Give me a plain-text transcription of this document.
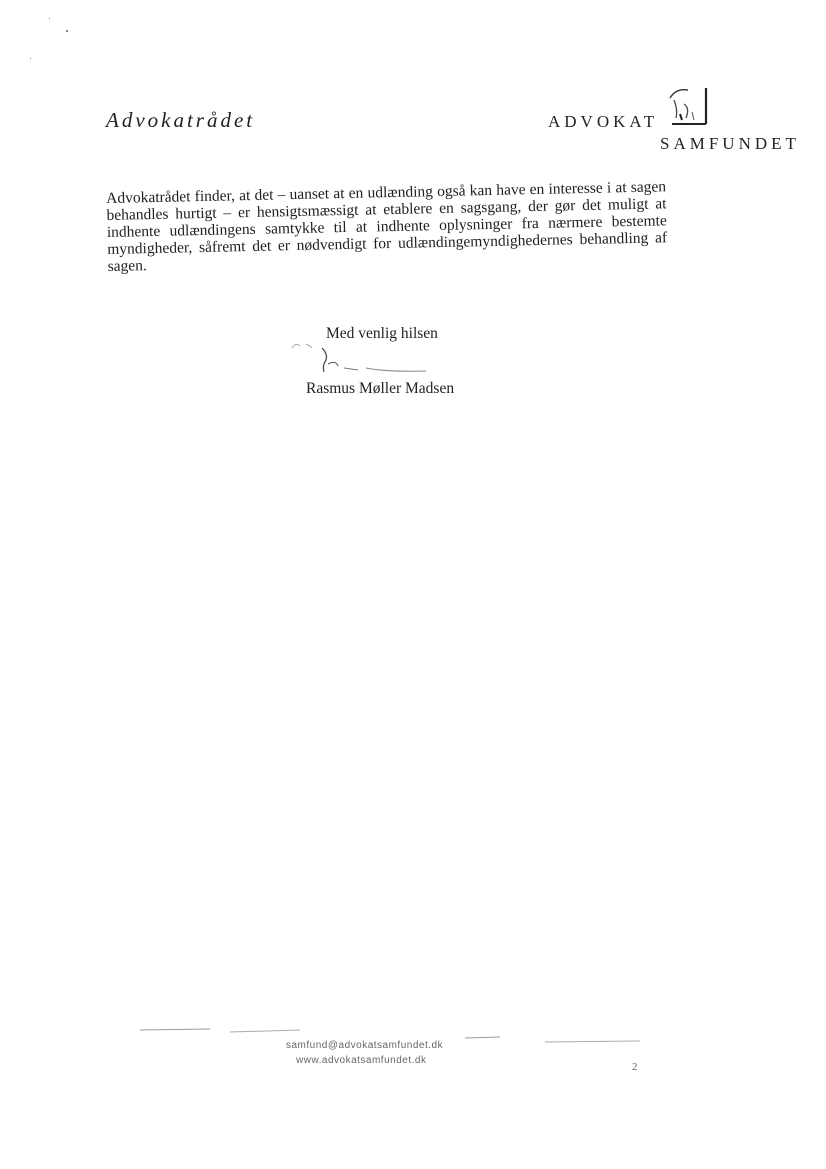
Advokatrådet	ADVOKAT
SAMFUNDET
Advokatrådet finder, at det – uanset at en udlænding også kan have en interesse i at sagen behandles hurtigt – er hensigtsmæssigt at etablere en sagsgang, der gør det muligt at indhente udlændingens samtykke til at indhente oplysninger fra nærmere bestemte myndigheder, såfremt det er nødvendigt for udlændingemyndighedernes behandling af sagen.
Med venlig hilsen
Rasmus Møller Madsen
samfund@advokatsamfundet.dk
www.advokatsamfundet.dk
2
